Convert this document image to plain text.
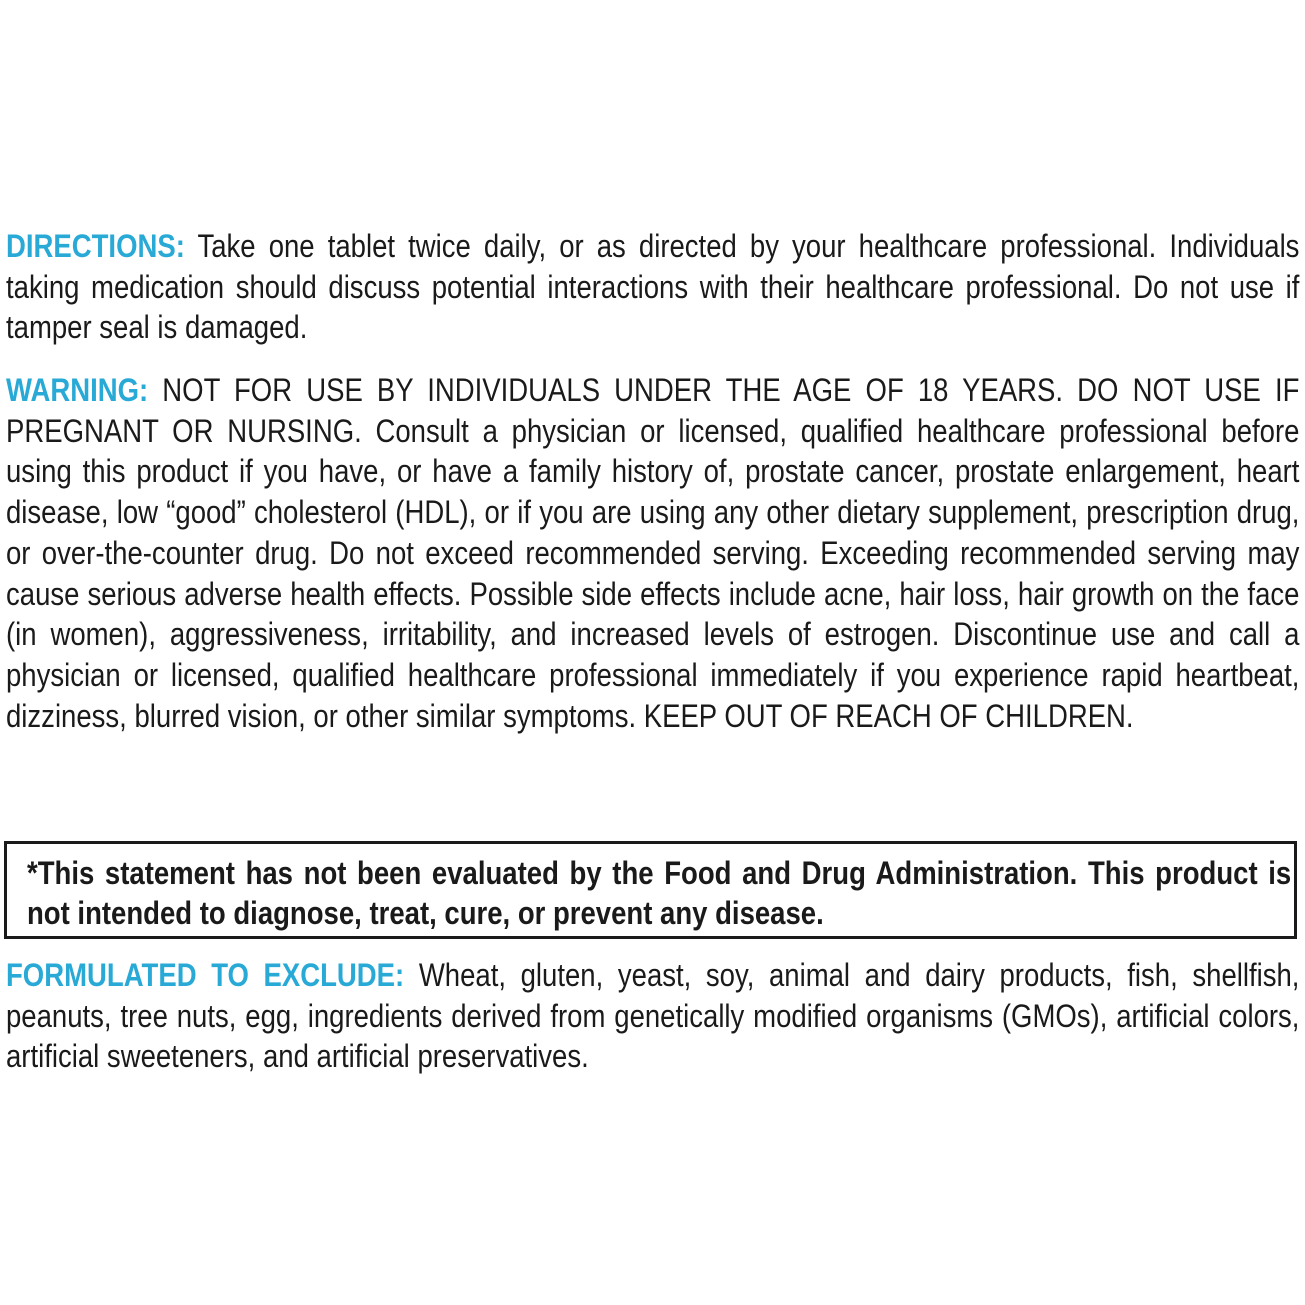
DIRECTIONS: Take one tablet twice daily, or as directed by your healthcare professional. Individuals taking medication should discuss potential interactions with their healthcare professional. Do not use if tamper seal is damaged.

WARNING: NOT FOR USE BY INDIVIDUALS UNDER THE AGE OF 18 YEARS. DO NOT USE IF PREGNANT OR NURSING. Consult a physician or licensed, qualified healthcare professional before using this product if you have, or have a family history of, prostate cancer, prostate enlargement, heart disease, low “good” cholesterol (HDL), or if you are using any other dietary supplement, prescription drug, or over-the-counter drug. Do not exceed recommended serving. Exceeding recommended serving may cause serious adverse health effects. Possible side effects include acne, hair loss, hair growth on the face (in women), aggressiveness, irritability, and increased levels of estrogen. Discontinue use and call a physician or licensed, qualified healthcare professional immediately if you experience rapid heartbeat, dizziness, blurred vision, or other similar symptoms. KEEP OUT OF REACH OF CHILDREN.

*This statement has not been evaluated by the Food and Drug Administration. This product is not intended to diagnose, treat, cure, or prevent any disease.

FORMULATED TO EXCLUDE: Wheat, gluten, yeast, soy, animal and dairy products, fish, shellfish, peanuts, tree nuts, egg, ingredients derived from genetically modified organisms (GMOs), artificial colors, artificial sweeteners, and artificial preservatives.
